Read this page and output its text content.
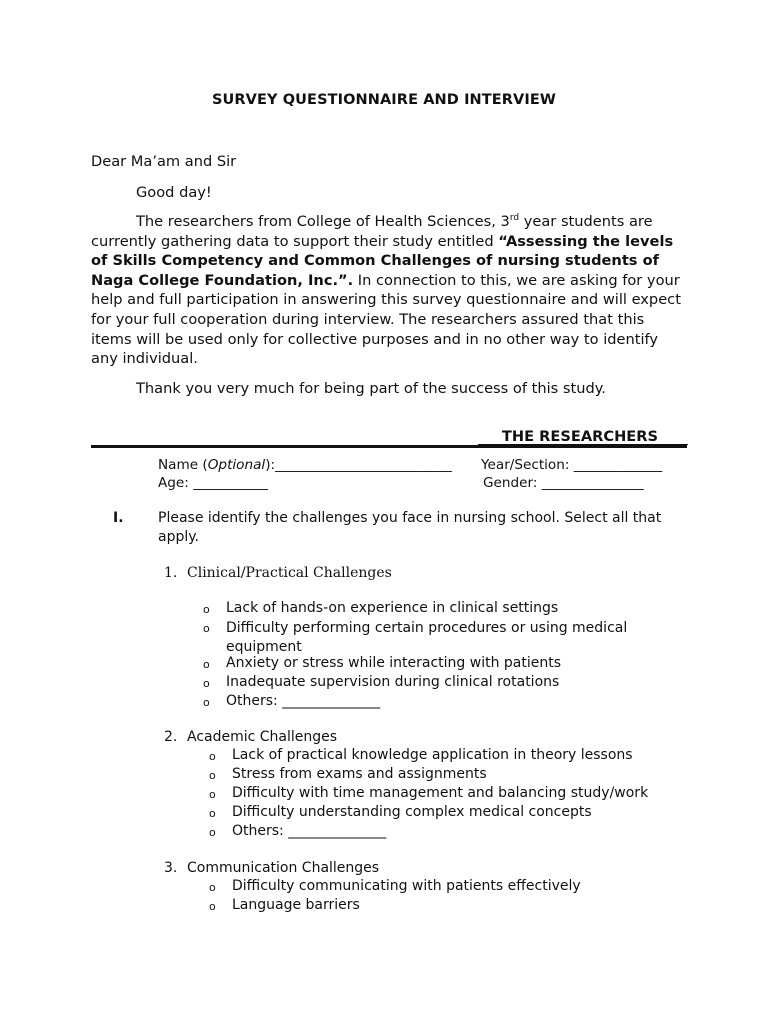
SURVEY QUESTIONNAIRE AND INTERVIEW
Dear Ma’am and Sir
Good day!
The researchers from College of Health Sciences, 3rd year students are currently gathering data to support their study entitled “Assessing the levels of Skills Competency and Common Challenges of nursing students of Naga College Foundation, Inc.”. In connection to this, we are asking for your help and full participation in answering this survey questionnaire and will expect for your full cooperation during interview. The researchers assured that this items will be used only for collective purposes and in no other way to identify any individual.
Thank you very much for being part of the success of this study.
THE RESEARCHERS
Name (Optional):__________________________ Year/Section: _____________
Age: ___________	Gender: _______________
I. Please identify the challenges you face in nursing school. Select all that apply.
1. Clinical/Practical Challenges
o Lack of hands-on experience in clinical settings
o Difficulty performing certain procedures or using medical equipment
o Anxiety or stress while interacting with patients
o Inadequate supervision during clinical rotations
o Others: ______________
2. Academic Challenges
o Lack of practical knowledge application in theory lessons
o Stress from exams and assignments
o Difficulty with time management and balancing study/work
o Difficulty understanding complex medical concepts
o Others: ______________
3. Communication Challenges
o Difficulty communicating with patients effectively
o Language barriers
